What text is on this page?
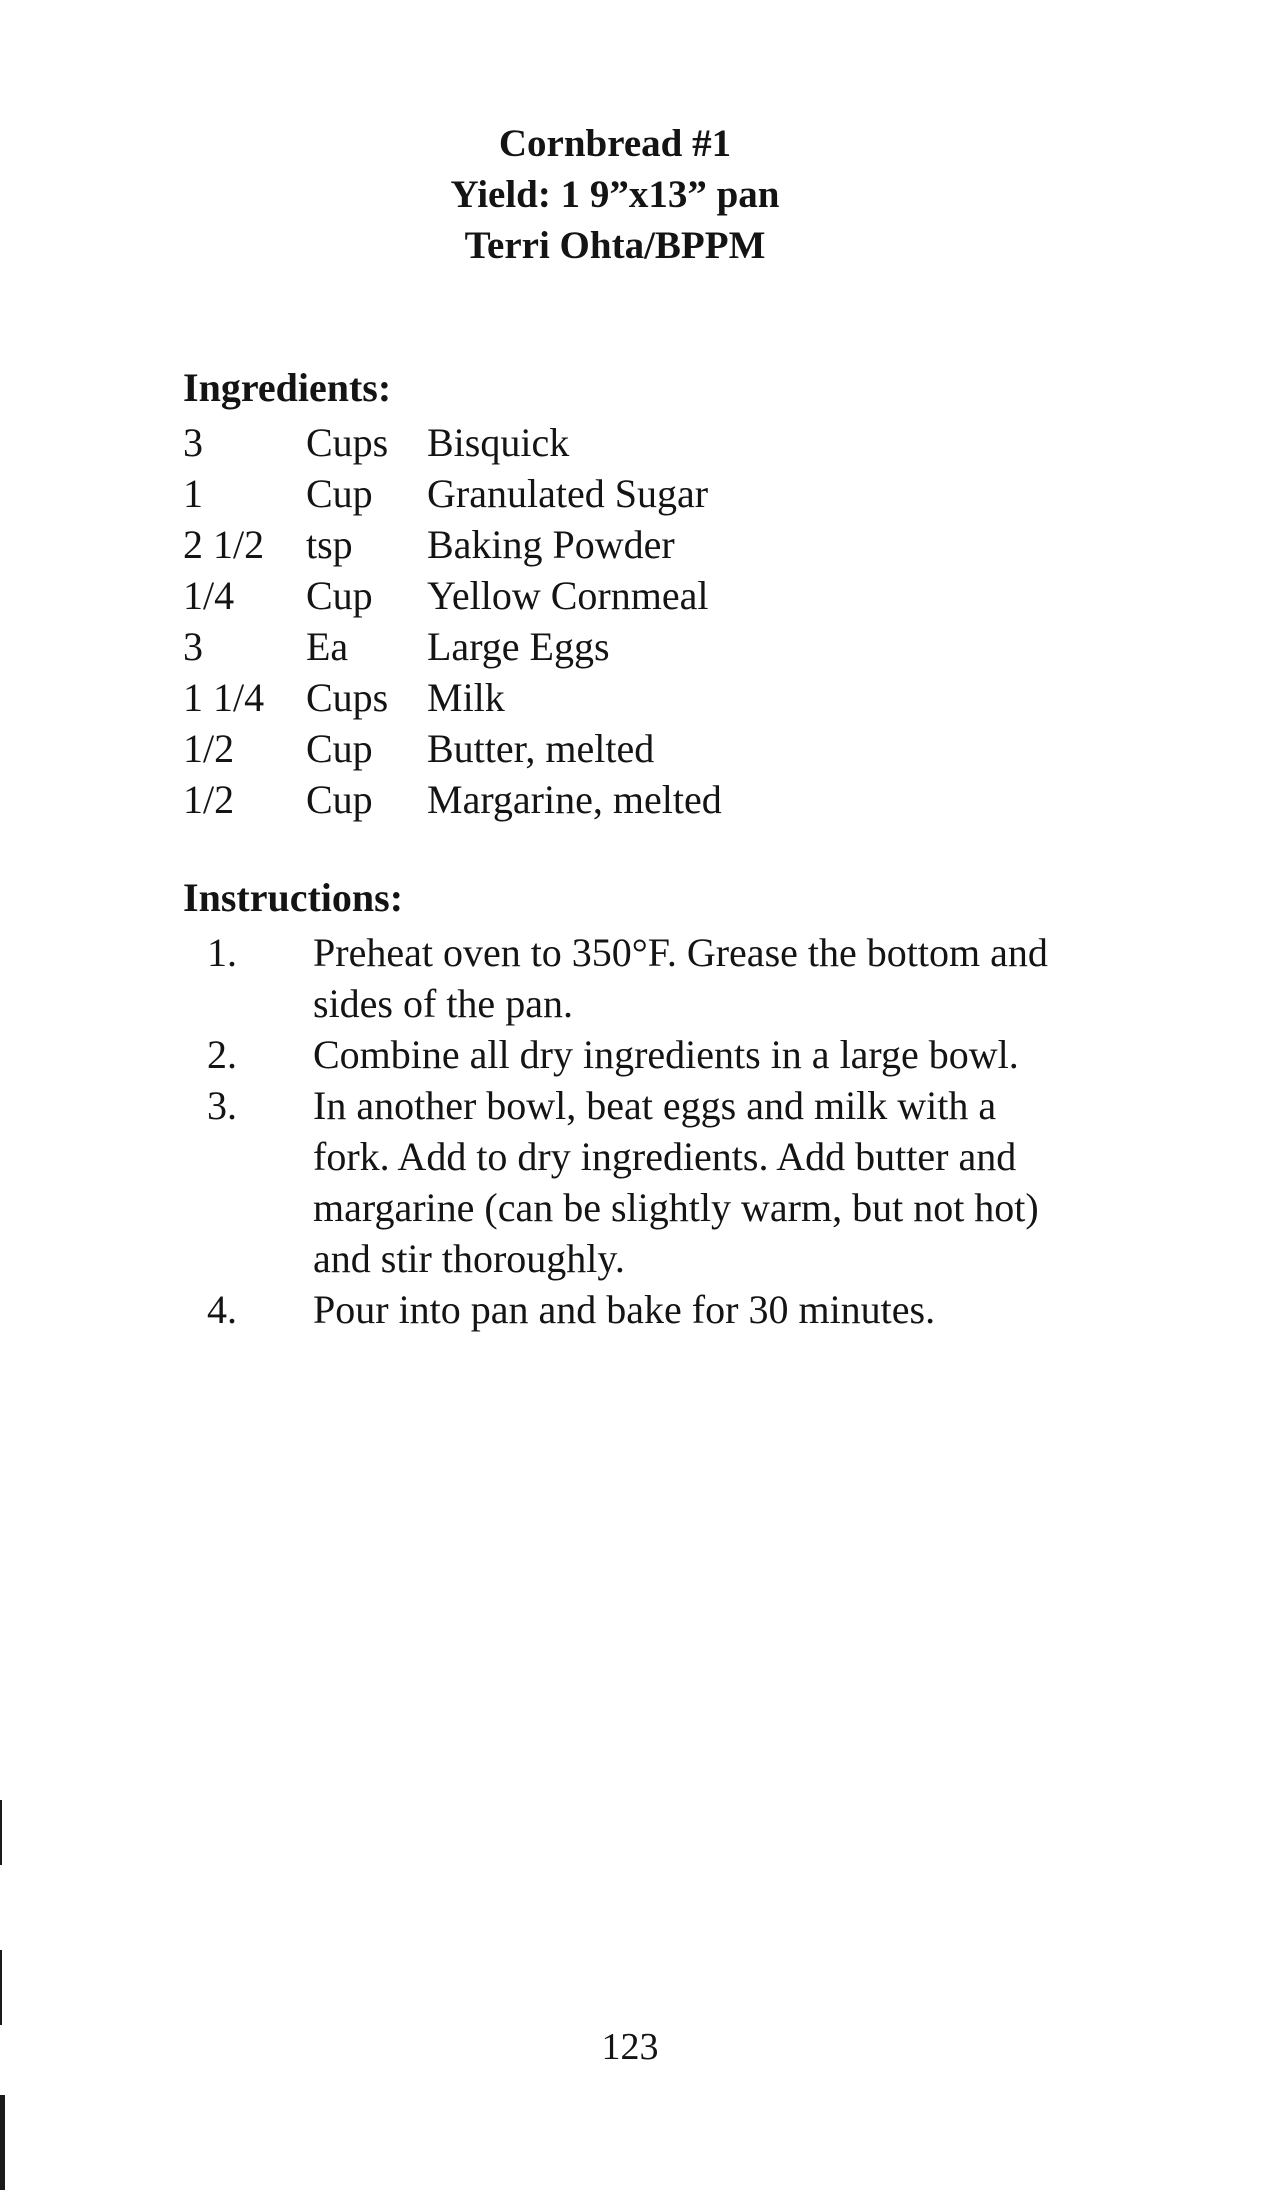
Cornbread #1
Yield: 1 9”x13” pan
Terri Ohta/BPPM
Ingredients:
3	Cups Bisquick
1	Cup Granulated Sugar
2 1/2 tsp Baking Powder
1/4 Cup Yellow Cornmeal
3	Ea Large Eggs
1 1/4 Cups Milk
1/2 Cup Butter, melted
1/2 Cup Margarine, melted
Instructions:
1. Preheat oven to 350°F. Grease the bottom and sides of the pan.
2. Combine all dry ingredients in a large bowl.
3. In another bowl, beat eggs and milk with a fork. Add to dry ingredients. Add butter and margarine (can be slightly warm, but not hot) and stir thoroughly.
4. Pour into pan and bake for 30 minutes.
123
